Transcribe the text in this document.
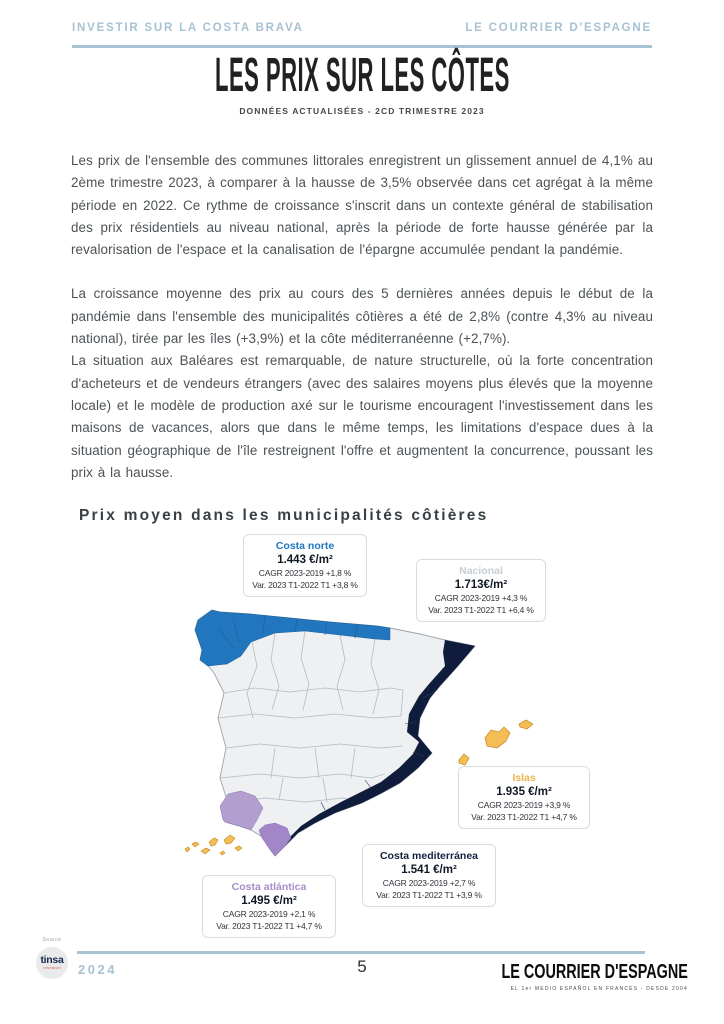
INVESTIR SUR LA COSTA BRAVA	LE COURRIER D'ESPAGNE
LES PRIX SUR LES CÔTES
DONNÉES ACTUALISÉES - 2CD TRIMESTRE 2023

Les prix de l'ensemble des communes littorales enregistrent un glissement annuel de 4,1% au 2ème trimestre 2023, à comparer à la hausse de 3,5% observée dans cet agrégat à la même période en 2022. Ce rythme de croissance s'inscrit dans un contexte général de stabilisation des prix résidentiels au niveau national, après la période de forte hausse générée par la revalorisation de l'espace et la canalisation de l'épargne accumulée pendant la pandémie.

La croissance moyenne des prix au cours des 5 dernières années depuis le début de la pandémie dans l'ensemble des municipalités côtières a été de 2,8% (contre 4,3% au niveau national), tirée par les îles (+3,9%) et la côte méditerranéenne (+2,7%).

La situation aux Baléares est remarquable, de nature structurelle, où la forte concentration d'acheteurs et de vendeurs étrangers (avec des salaires moyens plus élevés que la moyenne locale) et le modèle de production axé sur le tourisme encouragent l'investissement dans les maisons de vacances, alors que dans le même temps, les limitations d'espace dues à la situation géographique de l'île restreignent l'offre et augmentent la concurrence, poussant les prix à la hausse.

Prix moyen dans les municipalités côtières
Costa norte
1.443 €/m²
CAGR 2023-2019 +1,8 %
Var. 2023 T1-2022 T1 +3,8 %
Nacional
1.713€/m²
CAGR 2023-2019 +4,3 %
Var. 2023 T1-2022 T1 +6,4 %
Islas
1.935 €/m²
CAGR 2023-2019 +3,9 %
Var. 2023 T1-2022 T1 +4,7 %
Costa mediterránea
1.541 €/m²
CAGR 2023-2019 +2,7 %
Var. 2023 T1-2022 T1 +3,9 %
Costa atlántica
1.495 €/m²
CAGR 2023-2019 +2,1 %
Var. 2023 T1-2022 T1 +4,7 %
Source
tinsa
research 2024	5	LE COURRIER D'ESPAGNE
EL 1er MEDIO ESPAÑOL EN FRANCÉS - DESDE 2004
